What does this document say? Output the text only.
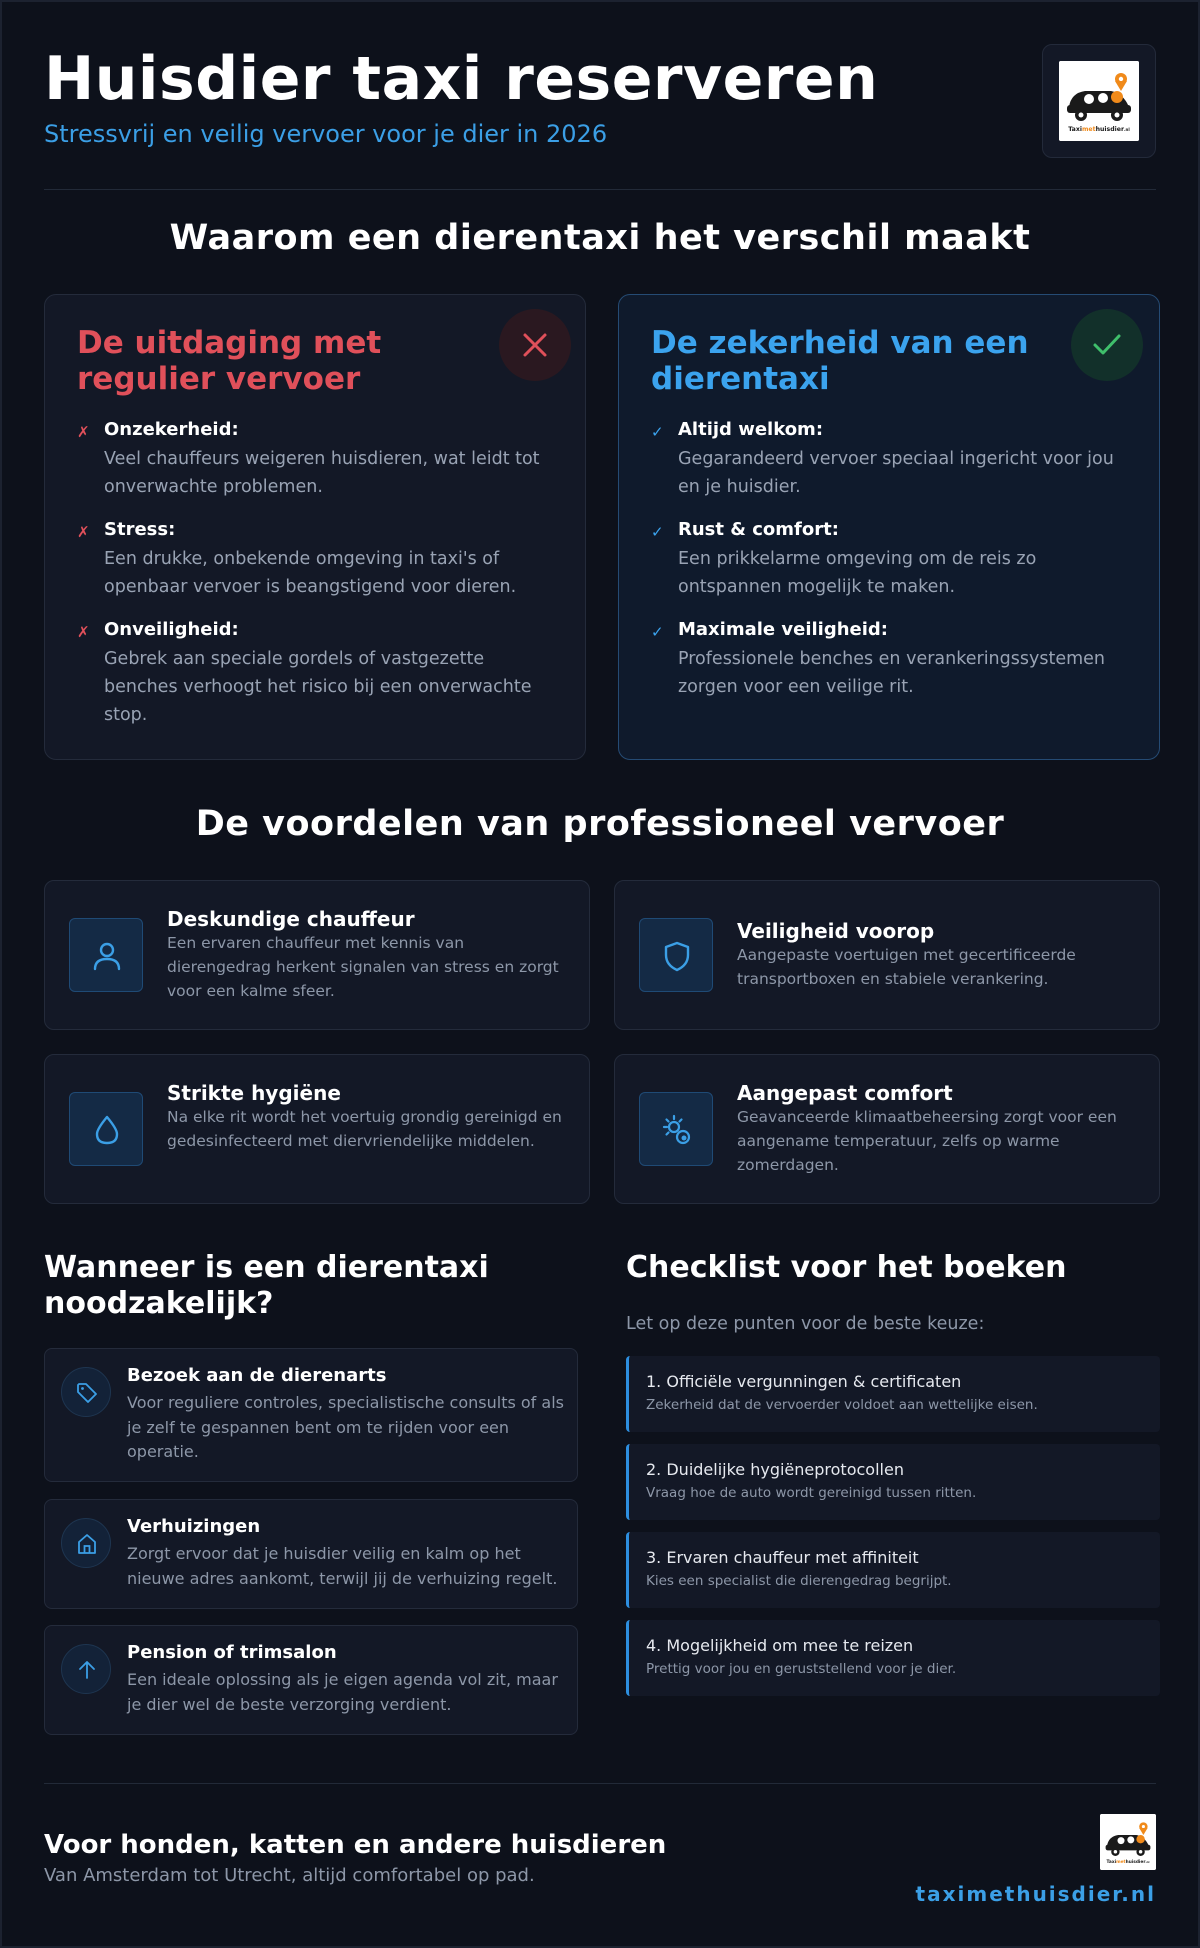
Huisdier taxi reserveren
Stressvrij en veilig vervoer voor je dier in 2026	Taximethuisdier.nl
Waarom een dierentaxi het verschil maakt
De uitdaging met regulier vervoer
✗ Onzekerheid:
Veel chauffeurs weigeren huisdieren, wat leidt tot onverwachte problemen.
✗ Stress:
Een drukke, onbekende omgeving in taxi's of openbaar vervoer is beangstigend voor dieren.
✗ Onveiligheid:
Gebrek aan speciale gordels of vastgezette benches verhoogt het risico bij een onverwachte stop.
De zekerheid van een dierentaxi
✓ Altijd welkom:
Gegarandeerd vervoer speciaal ingericht voor jou en je huisdier.
✓ Rust & comfort:
Een prikkelarme omgeving om de reis zo ontspannen mogelijk te maken.
✓ Maximale veiligheid:
Professionele benches en verankeringssystemen zorgen voor een veilige rit.
De voordelen van professioneel vervoer
Deskundige chauffeur
Een ervaren chauffeur met kennis van dierengedrag herkent signalen van stress en zorgt voor een kalme sfeer.
Veiligheid voorop
Aangepaste voertuigen met gecertificeerde transportboxen en stabiele verankering.
Strikte hygiëne
Na elke rit wordt het voertuig grondig gereinigd en gedesinfecteerd met diervriendelijke middelen.
Aangepast comfort
Geavanceerde klimaatbeheersing zorgt voor een aangename temperatuur, zelfs op warme zomerdagen.
Wanneer is een dierentaxi noodzakelijk?
Bezoek aan de dierenarts
Voor reguliere controles, specialistische consults of als je zelf te gespannen bent om te rijden voor een operatie.
Verhuizingen
Zorgt ervoor dat je huisdier veilig en kalm op het nieuwe adres aankomt, terwijl jij de verhuizing regelt.
Pension of trimsalon
Een ideale oplossing als je eigen agenda vol zit, maar je dier wel de beste verzorging verdient.
Checklist voor het boeken
Let op deze punten voor de beste keuze:
1. Officiële vergunningen & certificaten
Zekerheid dat de vervoerder voldoet aan wettelijke eisen.
2. Duidelijke hygiëneprotocollen
Vraag hoe de auto wordt gereinigd tussen ritten.
3. Ervaren chauffeur met affiniteit
Kies een specialist die dierengedrag begrijpt.
4. Mogelijkheid om mee te reizen
Prettig voor jou en geruststellend voor je dier.
Voor honden, katten en andere huisdieren
Van Amsterdam tot Utrecht, altijd comfortabel op pad.
Taximethuisdier.nl
taximethuisdier.nl
